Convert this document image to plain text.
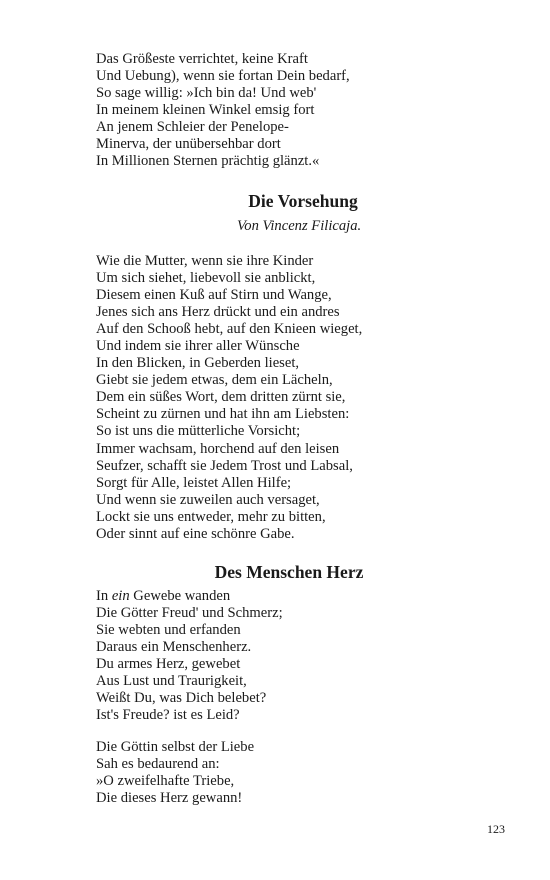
Das Größeste verrichtet, keine Kraft
Und Uebung), wenn sie fortan Dein bedarf,
So sage willig: »Ich bin da! Und web'
In meinem kleinen Winkel emsig fort
An jenem Schleier der Penelope-
Minerva, der unübersehbar dort
In Millionen Sternen prächtig glänzt.«
Die Vorsehung
Von Vincenz Filicaja.
Wie die Mutter, wenn sie ihre Kinder
Um sich siehet, liebevoll sie anblickt,
Diesem einen Kuß auf Stirn und Wange,
Jenes sich ans Herz drückt und ein andres
Auf den Schooß hebt, auf den Knieen wieget,
Und indem sie ihrer aller Wünsche
In den Blicken, in Geberden lieset,
Giebt sie jedem etwas, dem ein Lächeln,
Dem ein süßes Wort, dem dritten zürnt sie,
Scheint zu zürnen und hat ihn am Liebsten:
So ist uns die mütterliche Vorsicht;
Immer wachsam, horchend auf den leisen
Seufzer, schafft sie Jedem Trost und Labsal,
Sorgt für Alle, leistet Allen Hilfe;
Und wenn sie zuweilen auch versaget,
Lockt sie uns entweder, mehr zu bitten,
Oder sinnt auf eine schönre Gabe.
Des Menschen Herz
In ein Gewebe wanden
Die Götter Freud' und Schmerz;
Sie webten und erfanden
Daraus ein Menschenherz.
Du armes Herz, gewebet
Aus Lust und Traurigkeit,
Weißt Du, was Dich belebet?
Ist's Freude? ist es Leid?
Die Göttin selbst der Liebe
Sah es bedaurend an:
»O zweifelhafte Triebe,
Die dieses Herz gewann!
123
